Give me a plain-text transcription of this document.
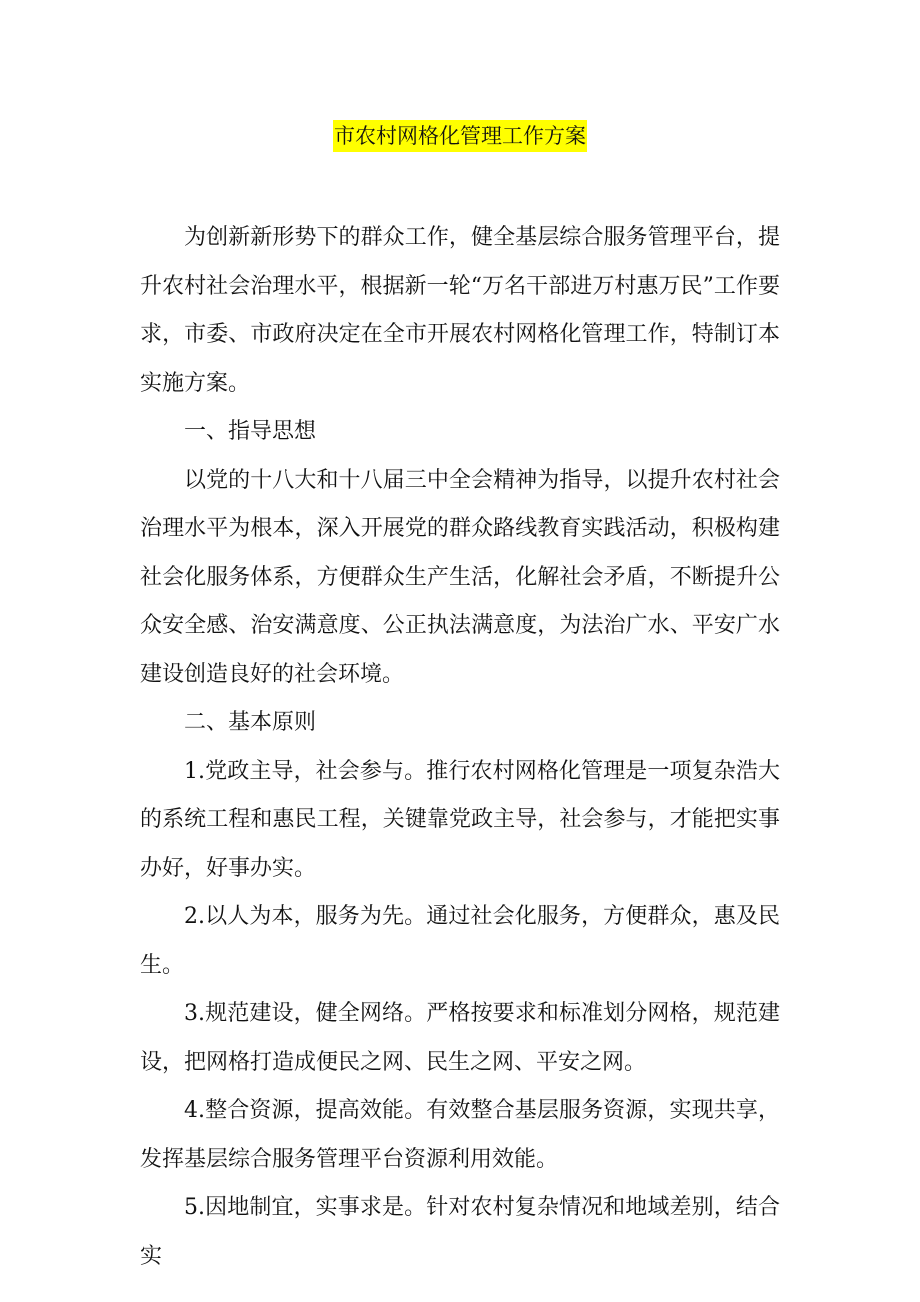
市农村网格化管理工作方案

为创新新形势下的群众工作，健全基层综合服务管理平台，提升农村社会治理水平，根据新一轮“万名干部进万村惠万民”工作要求，市委、市政府决定在全市开展农村网格化管理工作，特制订本实施方案。

一、指导思想

以党的十八大和十八届三中全会精神为指导，以提升农村社会治理水平为根本，深入开展党的群众路线教育实践活动，积极构建社会化服务体系，方便群众生产生活，化解社会矛盾，不断提升公众安全感、治安满意度、公正执法满意度，为法治广水、平安广水建设创造良好的社会环境。

二、基本原则

1.党政主导，社会参与。推行农村网格化管理是一项复杂浩大的系统工程和惠民工程，关键靠党政主导，社会参与，才能把实事办好，好事办实。

2.以人为本，服务为先。通过社会化服务，方便群众，惠及民生。

3.规范建设，健全网络。严格按要求和标准划分网格，规范建设，把网格打造成便民之网、民生之网、平安之网。

4.整合资源，提高效能。有效整合基层服务资源，实现共享，发挥基层综合服务管理平台资源利用效能。

5.因地制宜，实事求是。针对农村复杂情况和地域差别，结合实
